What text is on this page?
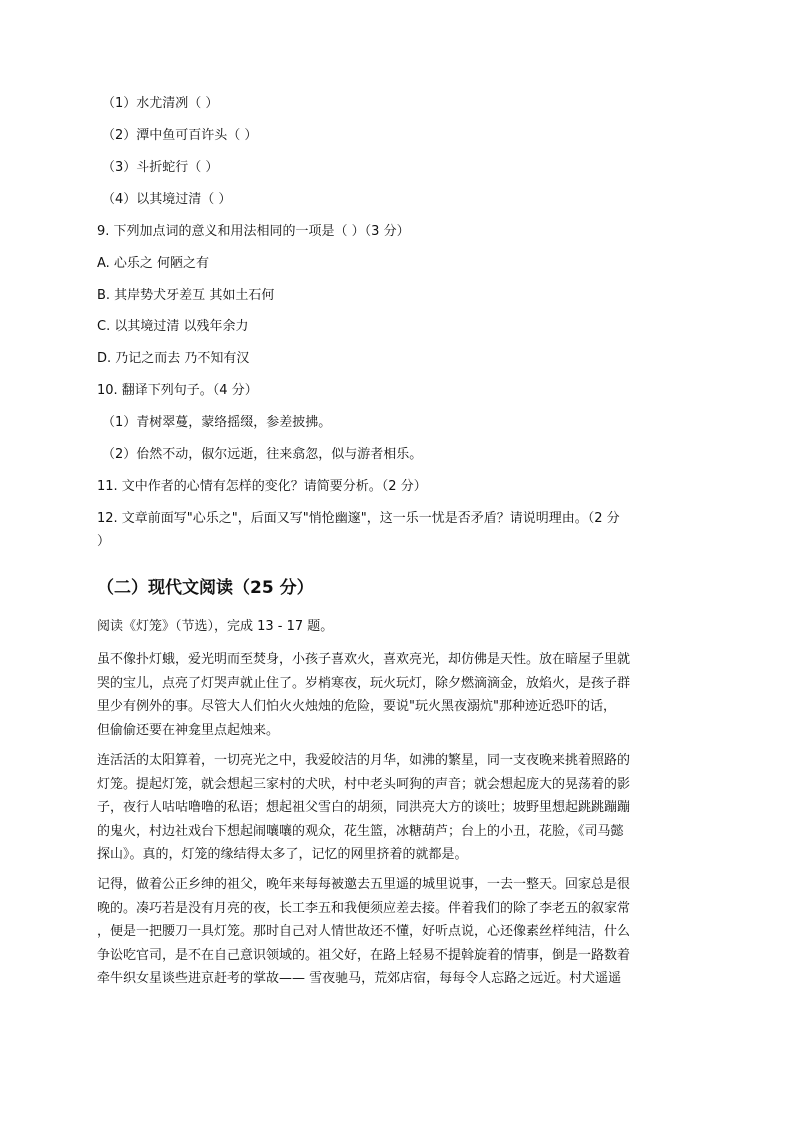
（1）水尤清冽（ ）
（2）潭中鱼可百许头（ ）
（3）斗折蛇行（ ）
（4）以其境过清（ ）
9. 下列加点词的意义和用法相同的一项是（ ）（3 分）
A. 心乐之 何陋之有
B. 其岸势犬牙差互 其如土石何
C. 以其境过清 以残年余力
D. 乃记之而去 乃不知有汉
10. 翻译下列句子。（4 分）
（1）青树翠蔓，蒙络摇缀，参差披拂。
（2）佁然不动，俶尔远逝，往来翕忽，似与游者相乐。
11. 文中作者的心情有怎样的变化？请简要分析。（2 分）
12. 文章前面写"心乐之"，后面又写"悄怆幽邃"，这一乐一忧是否矛盾？请说明理由。（2 分
）
（二）现代文阅读（25 分）
阅读《灯笼》（节选），完成 13 - 17 题。
虽不像扑灯蛾，爱光明而至焚身，小孩子喜欢火，喜欢亮光，却仿佛是天性。放在暗屋子里就
哭的宝儿，点亮了灯哭声就止住了。岁梢寒夜，玩火玩灯，除夕燃滴滴金，放焰火，是孩子群
里少有例外的事。尽管大人们怕火火烛烛的危险，要说"玩火黑夜溺炕"那种迹近恐吓的话，
但偷偷还要在神龛里点起烛来。
连活活的太阳算着，一切亮光之中，我爱皎洁的月华，如沸的繁星，同一支夜晚来挑着照路的
灯笼。提起灯笼，就会想起三家村的犬吠，村中老头呵狗的声音；就会想起庞大的晃荡着的影
子，夜行人咕咕噜噜的私语；想起祖父雪白的胡须，同洪亮大方的谈吐；坡野里想起跳跳蹦蹦
的鬼火，村边社戏台下想起闹嚷嚷的观众，花生篮，冰糖葫芦；台上的小丑，花脸，《司马懿
探山》。真的，灯笼的缘结得太多了，记忆的网里挤着的就都是。
记得，做着公正乡绅的祖父，晚年来每每被邀去五里遥的城里说事，一去一整天。回家总是很
晚的。凑巧若是没有月亮的夜，长工李五和我便须应差去接。伴着我们的除了李老五的叙家常
，便是一把腰刀一具灯笼。那时自己对人情世故还不懂，好听点说，心还像素丝样纯洁，什么
争讼吃官司，是不在自己意识领域的。祖父好，在路上轻易不提斡旋着的情事，倒是一路数着
牵牛织女星谈些进京赶考的掌故—— 雪夜驰马，荒郊店宿，每每令人忘路之远近。村犬遥遥
